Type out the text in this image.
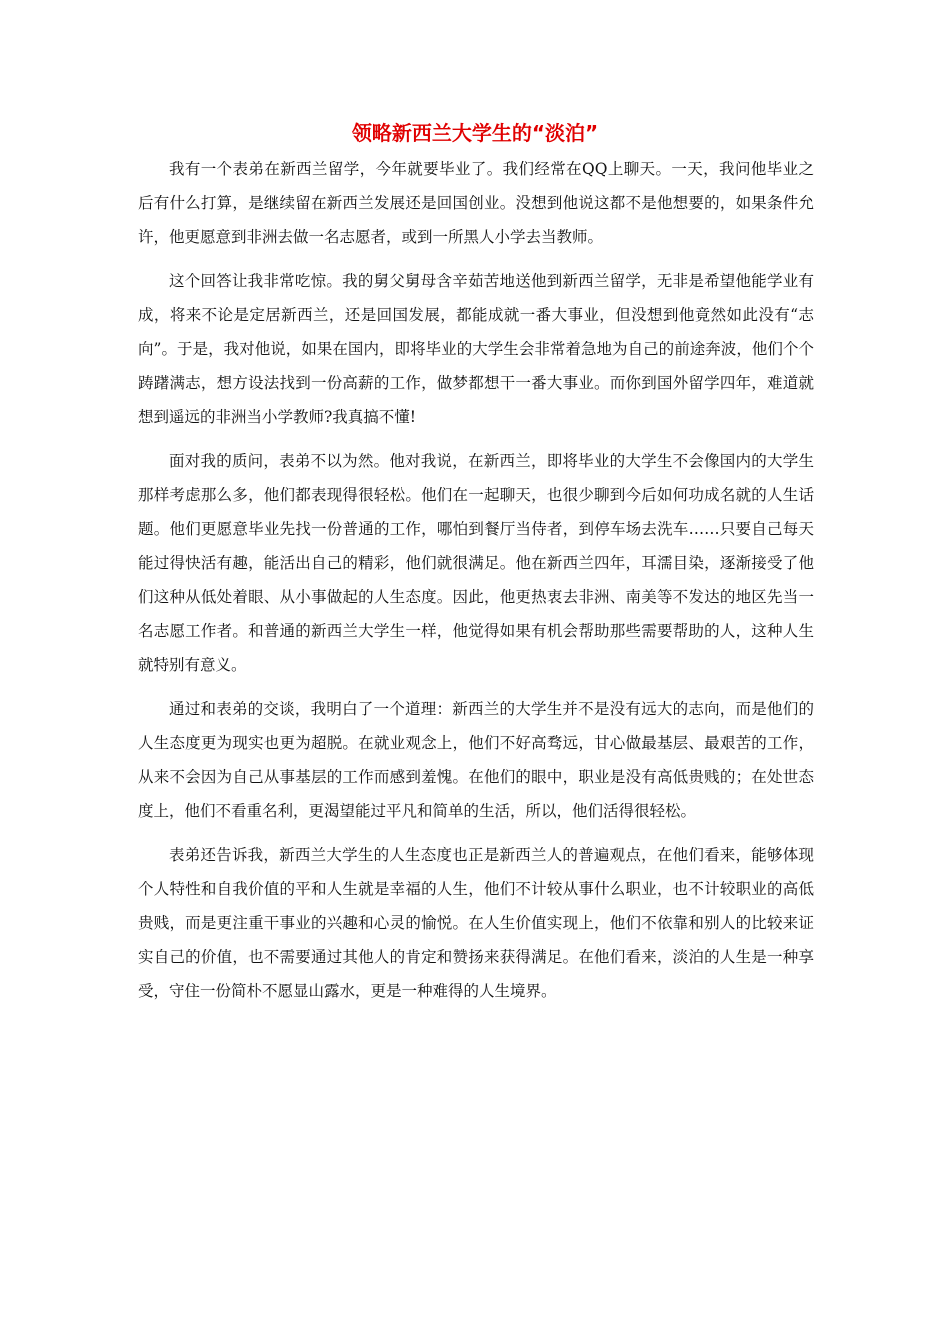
领略新西兰大学生的“淡泊”

我有一个表弟在新西兰留学，今年就要毕业了。我们经常在QQ上聊天。一天，我问他毕业之后有什么打算，是继续留在新西兰发展还是回国创业。没想到他说这都不是他想要的，如果条件允许，他更愿意到非洲去做一名志愿者，或到一所黑人小学去当教师。

这个回答让我非常吃惊。我的舅父舅母含辛茹苦地送他到新西兰留学，无非是希望他能学业有成，将来不论是定居新西兰，还是回国发展，都能成就一番大事业，但没想到他竟然如此没有“志向”。于是，我对他说，如果在国内，即将毕业的大学生会非常着急地为自己的前途奔波，他们个个踌躇满志，想方设法找到一份高薪的工作，做梦都想干一番大事业。而你到国外留学四年，难道就想到遥远的非洲当小学教师?我真搞不懂!

面对我的质问，表弟不以为然。他对我说，在新西兰，即将毕业的大学生不会像国内的大学生那样考虑那么多，他们都表现得很轻松。他们在一起聊天，也很少聊到今后如何功成名就的人生话题。他们更愿意毕业先找一份普通的工作，哪怕到餐厅当侍者，到停车场去洗车……只要自己每天能过得快活有趣，能活出自己的精彩，他们就很满足。他在新西兰四年，耳濡目染，逐渐接受了他们这种从低处着眼、从小事做起的人生态度。因此，他更热衷去非洲、南美等不发达的地区先当一名志愿工作者。和普通的新西兰大学生一样，他觉得如果有机会帮助那些需要帮助的人，这种人生就特别有意义。

通过和表弟的交谈，我明白了一个道理：新西兰的大学生并不是没有远大的志向，而是他们的人生态度更为现实也更为超脱。在就业观念上，他们不好高骛远，甘心做最基层、最艰苦的工作，从来不会因为自己从事基层的工作而感到羞愧。在他们的眼中，职业是没有高低贵贱的；在处世态度上，他们不看重名利，更渴望能过平凡和简单的生活，所以，他们活得很轻松。

表弟还告诉我，新西兰大学生的人生态度也正是新西兰人的普遍观点，在他们看来，能够体现个人特性和自我价值的平和人生就是幸福的人生，他们不计较从事什么职业，也不计较职业的高低贵贱，而是更注重干事业的兴趣和心灵的愉悦。在人生价值实现上，他们不依靠和别人的比较来证实自己的价值，也不需要通过其他人的肯定和赞扬来获得满足。在他们看来，淡泊的人生是一种享受，守住一份简朴不愿显山露水，更是一种难得的人生境界。
